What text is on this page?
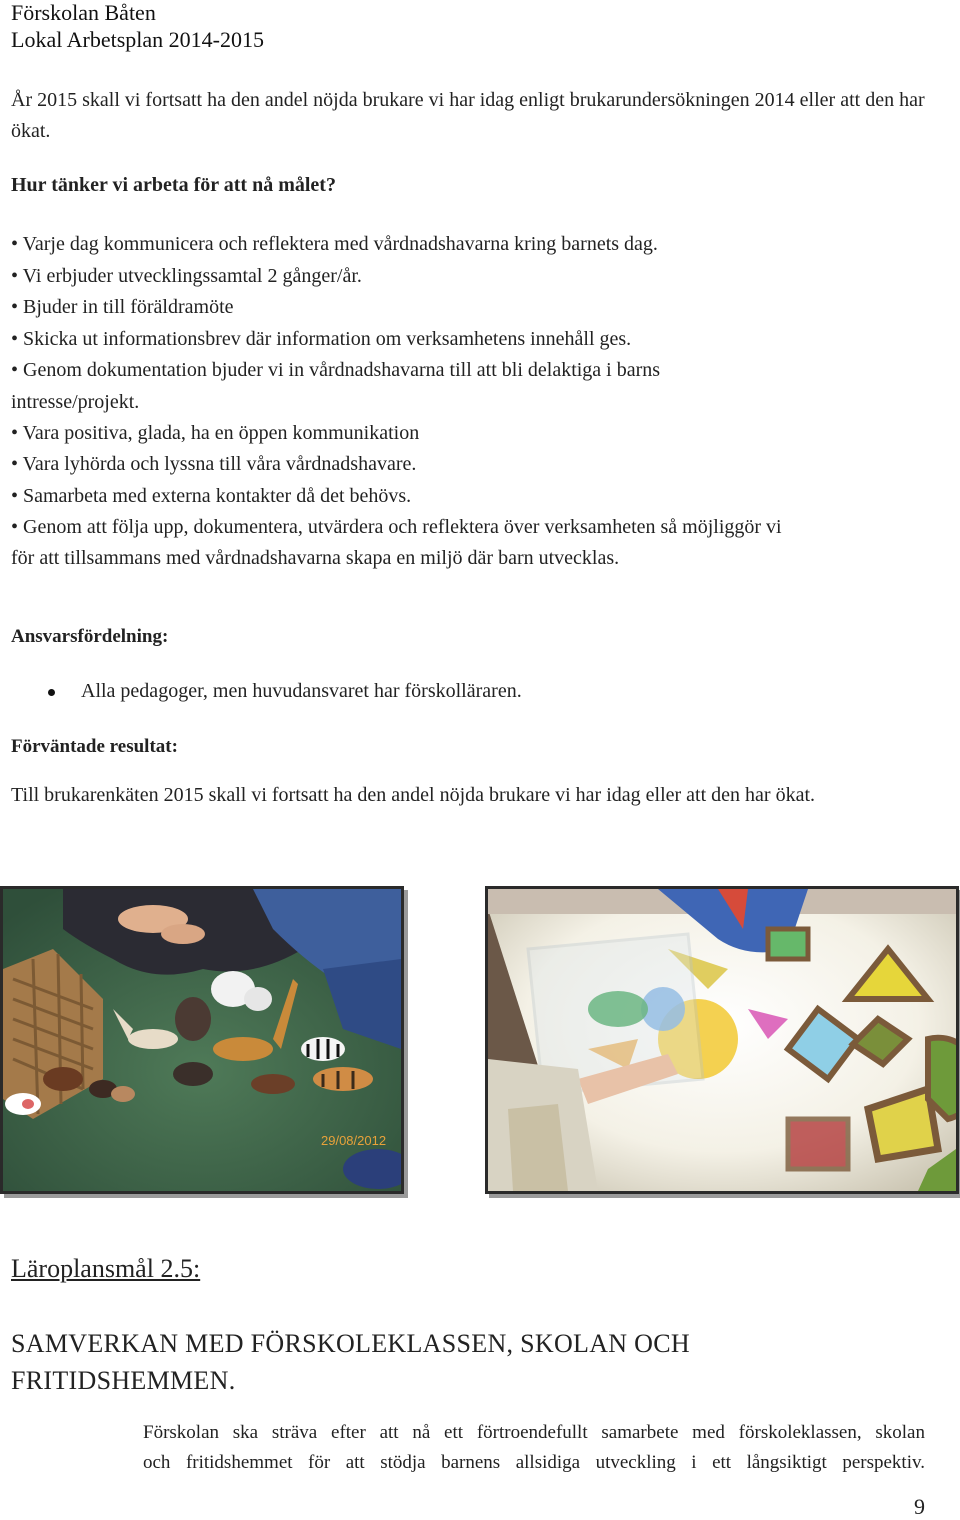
Förskolan Båten
Lokal Arbetsplan 2014-2015
År 2015 skall vi fortsatt ha den andel nöjda brukare vi har idag enligt brukarundersökningen 2014 eller att den har ökat.
Hur tänker vi arbeta för att nå målet?
• Varje dag kommunicera och reflektera med vårdnadshavarna kring barnets dag.
• Vi erbjuder utvecklingssamtal 2 gånger/år.
• Bjuder in till föräldramöte
• Skicka ut informationsbrev där information om verksamhetens innehåll ges.
• Genom dokumentation bjuder vi in vårdnadshavarna till att bli delaktiga i barns
intresse/projekt.
• Vara positiva, glada, ha en öppen kommunikation
• Vara lyhörda och lyssna till våra vårdnadshavare.
• Samarbeta med externa kontakter då det behövs.
• Genom att följa upp, dokumentera, utvärdera och reflektera över verksamheten så möjliggör vi
för att tillsammans med vårdnadshavarna skapa en miljö där barn utvecklas.
Ansvarsfördelning:
Alla pedagoger, men huvudansvaret har förskolläraren.
Förväntade resultat:
Till brukarenkäten 2015 skall vi fortsatt ha den andel nöjda brukare vi har idag eller att den har ökat.
29/08/2012
Läroplansmål 2.5:
SAMVERKAN MED FÖRSKOLEKLASSEN, SKOLAN OCH
FRITIDSHEMMEN.
Förskolan ska sträva efter att nå ett förtroendefullt samarbete med förskoleklassen, skolan
och fritidshemmet för att stödja barnens allsidiga utveckling i ett långsiktigt perspektiv.
9
